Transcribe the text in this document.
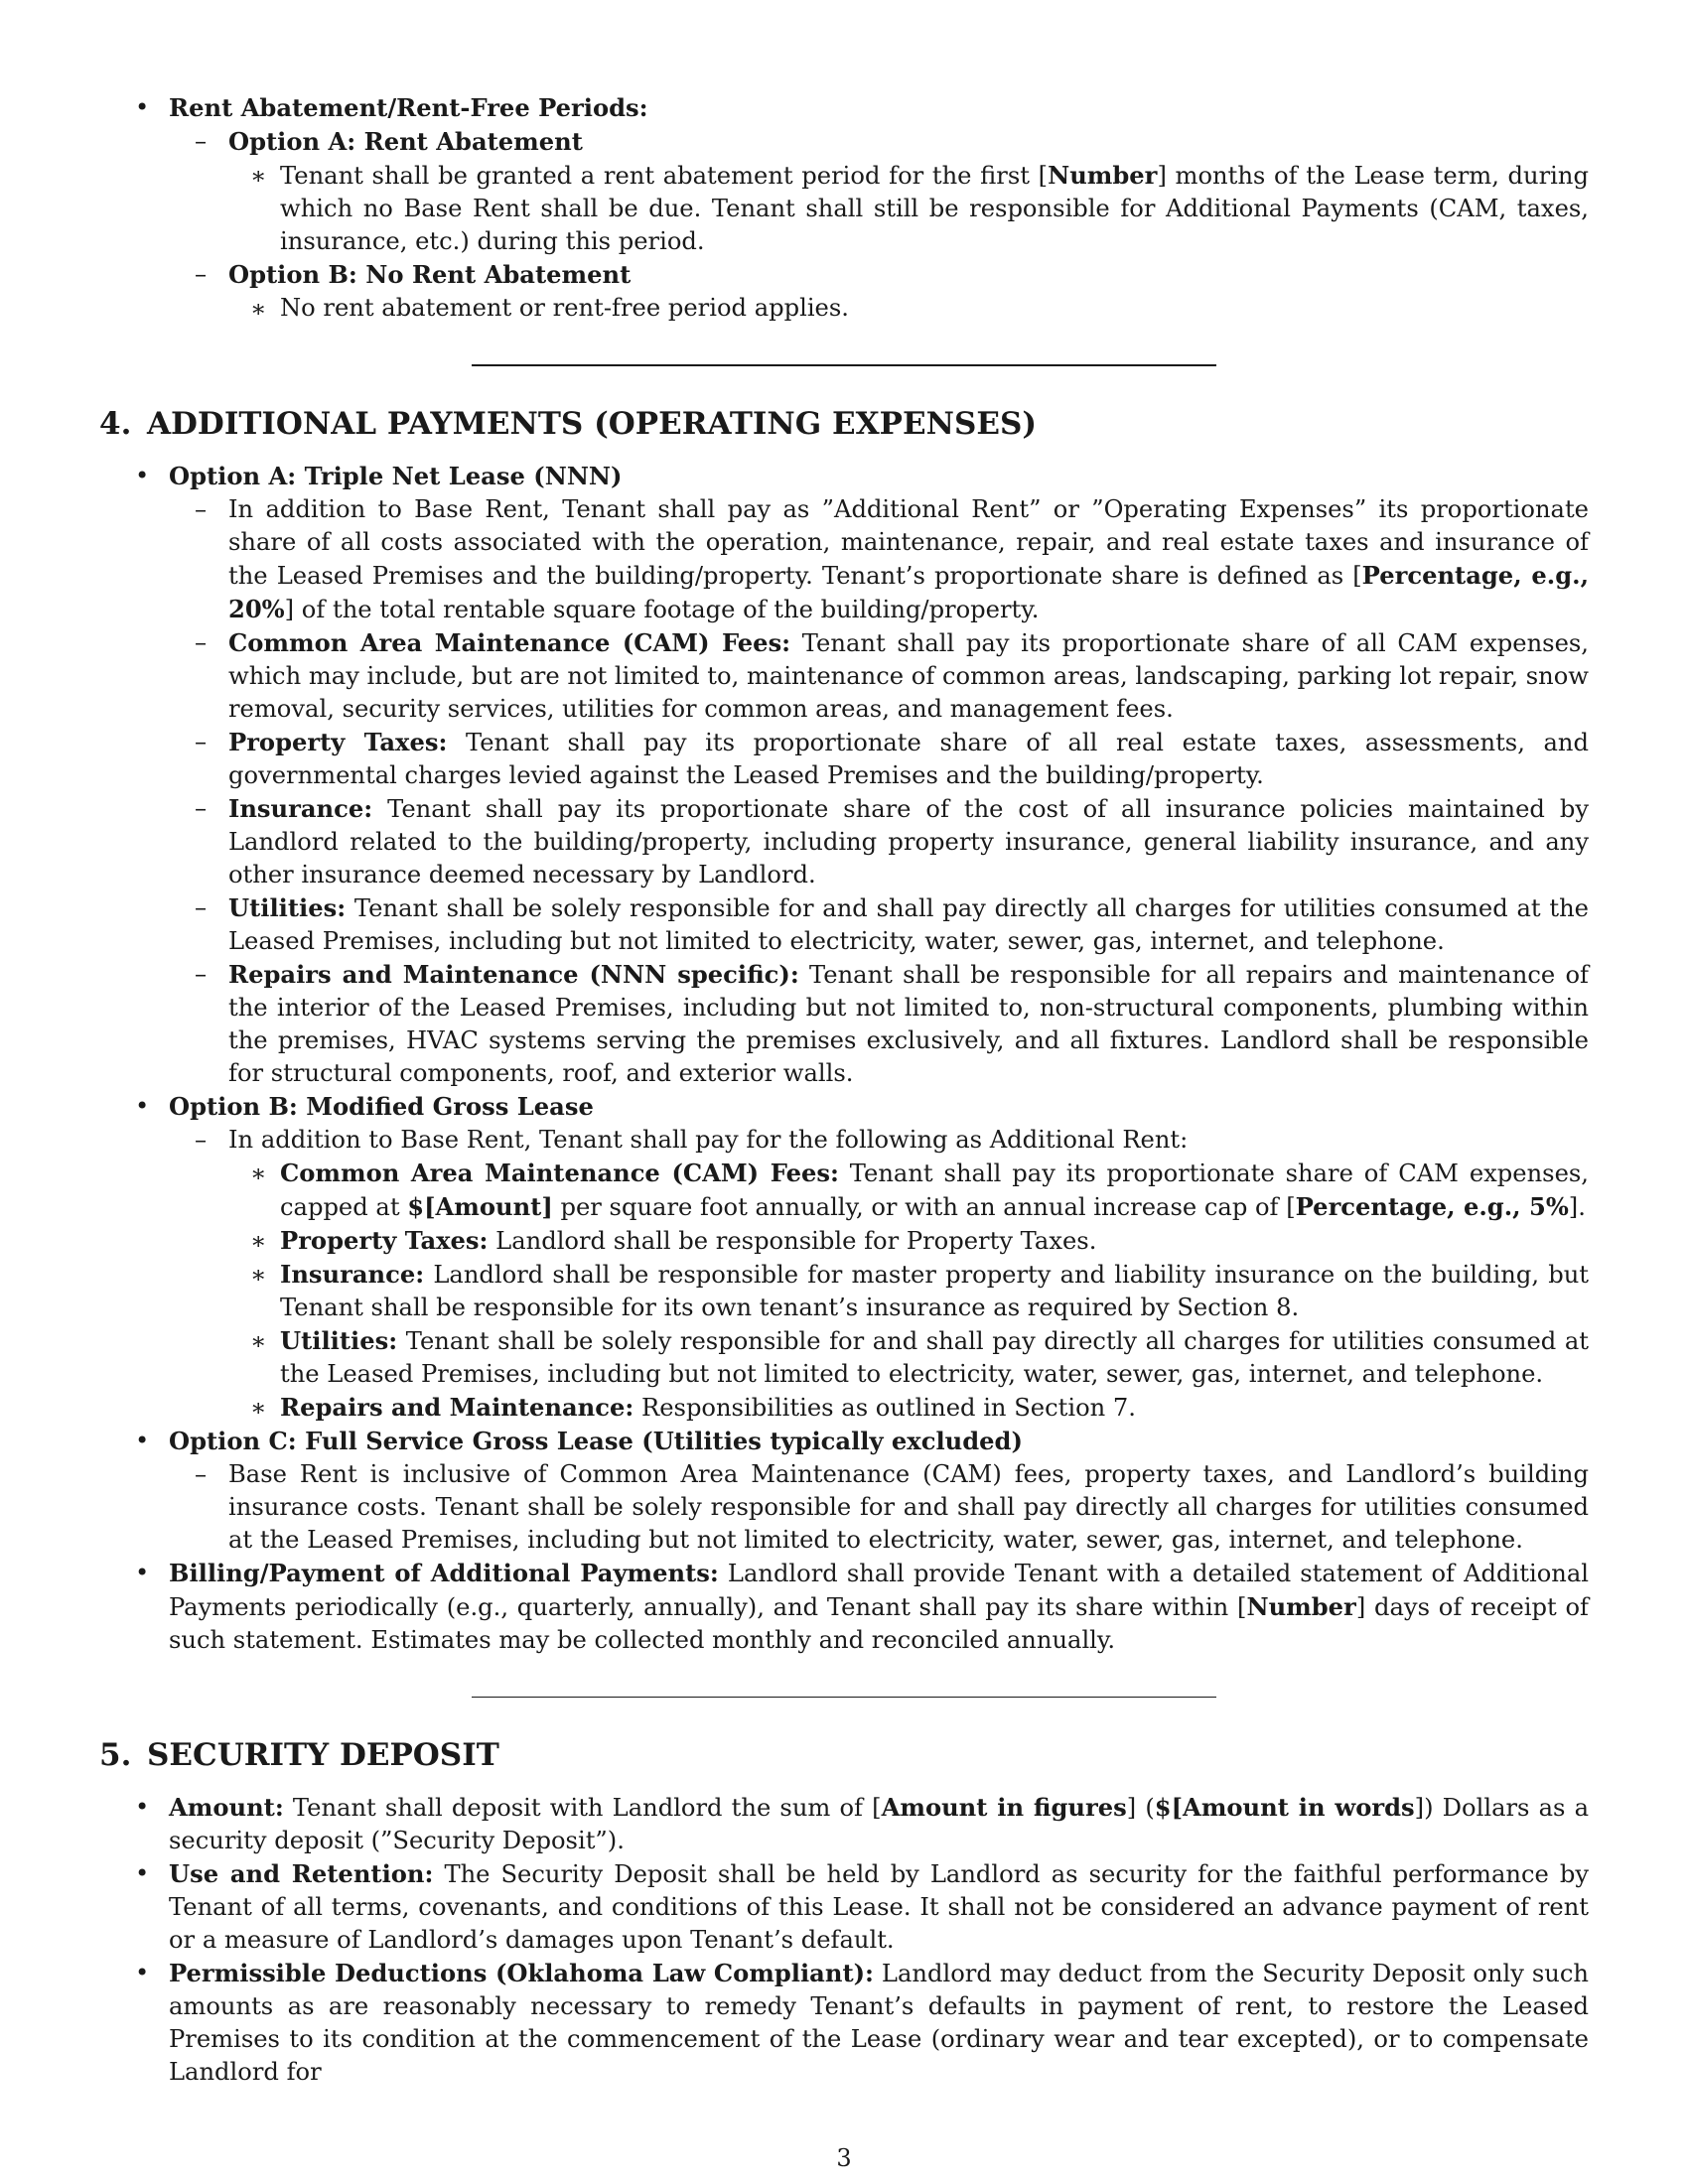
• Rent Abatement/Rent-Free Periods:
– Option A: Rent Abatement
∗ Tenant shall be granted a rent abatement period for the first [Number] months of the Lease term, during which no Base Rent shall be due. Tenant shall still be responsible for Additional Payments (CAM, taxes, insurance, etc.) during this period.
– Option B: No Rent Abatement
∗ No rent abatement or rent-free period applies.
4. ADDITIONAL PAYMENTS (OPERATING EXPENSES)
• Option A: Triple Net Lease (NNN)
– In addition to Base Rent, Tenant shall pay as ”Additional Rent” or ”Operating Expenses” its proportionate share of all costs associated with the operation, maintenance, repair, and real estate taxes and insurance of the Leased Premises and the building/property. Tenant’s proportionate share is defined as [Percentage, e.g., 20%] of the total rentable square footage of the building/property.
– Common Area Maintenance (CAM) Fees: Tenant shall pay its proportionate share of all CAM expenses, which may include, but are not limited to, maintenance of common areas, landscaping, parking lot repair, snow removal, security services, utilities for common areas, and management fees.
– Property Taxes: Tenant shall pay its proportionate share of all real estate taxes, assessments, and governmental charges levied against the Leased Premises and the building/property.
– Insurance: Tenant shall pay its proportionate share of the cost of all insurance policies maintained by Landlord related to the building/property, including property insurance, general liability insurance, and any other insurance deemed necessary by Landlord.
– Utilities: Tenant shall be solely responsible for and shall pay directly all charges for utilities consumed at the Leased Premises, including but not limited to electricity, water, sewer, gas, internet, and telephone.
– Repairs and Maintenance (NNN specific): Tenant shall be responsible for all repairs and maintenance of the interior of the Leased Premises, including but not limited to, non-structural components, plumbing within the premises, HVAC systems serving the premises exclusively, and all fixtures. Landlord shall be responsible for structural components, roof, and exterior walls.
• Option B: Modified Gross Lease
– In addition to Base Rent, Tenant shall pay for the following as Additional Rent:
∗ Common Area Maintenance (CAM) Fees: Tenant shall pay its proportionate share of CAM expenses, capped at $[Amount] per square foot annually, or with an annual increase cap of [Percentage, e.g., 5%].
∗ Property Taxes: Landlord shall be responsible for Property Taxes.
∗ Insurance: Landlord shall be responsible for master property and liability insurance on the building, but Tenant shall be responsible for its own tenant’s insurance as required by Section 8.
∗ Utilities: Tenant shall be solely responsible for and shall pay directly all charges for utilities consumed at the Leased Premises, including but not limited to electricity, water, sewer, gas, internet, and telephone.
∗ Repairs and Maintenance: Responsibilities as outlined in Section 7.
• Option C: Full Service Gross Lease (Utilities typically excluded)
– Base Rent is inclusive of Common Area Maintenance (CAM) fees, property taxes, and Landlord’s building insurance costs. Tenant shall be solely responsible for and shall pay directly all charges for utilities consumed at the Leased Premises, including but not limited to electricity, water, sewer, gas, internet, and telephone.
• Billing/Payment of Additional Payments: Landlord shall provide Tenant with a detailed statement of Additional Payments periodically (e.g., quarterly, annually), and Tenant shall pay its share within [Number] days of receipt of such statement. Estimates may be collected monthly and reconciled annually.
5. SECURITY DEPOSIT
• Amount: Tenant shall deposit with Landlord the sum of [Amount in figures] ($[Amount in words]) Dollars as a security deposit (”Security Deposit”).
• Use and Retention: The Security Deposit shall be held by Landlord as security for the faithful performance by Tenant of all terms, covenants, and conditions of this Lease. It shall not be considered an advance payment of rent or a measure of Landlord’s damages upon Tenant’s default.
• Permissible Deductions (Oklahoma Law Compliant): Landlord may deduct from the Security Deposit only such amounts as are reasonably necessary to remedy Tenant’s defaults in payment of rent, to restore the Leased Premises to its condition at the commencement of the Lease (ordinary wear and tear excepted), or to compensate Landlord for
3
